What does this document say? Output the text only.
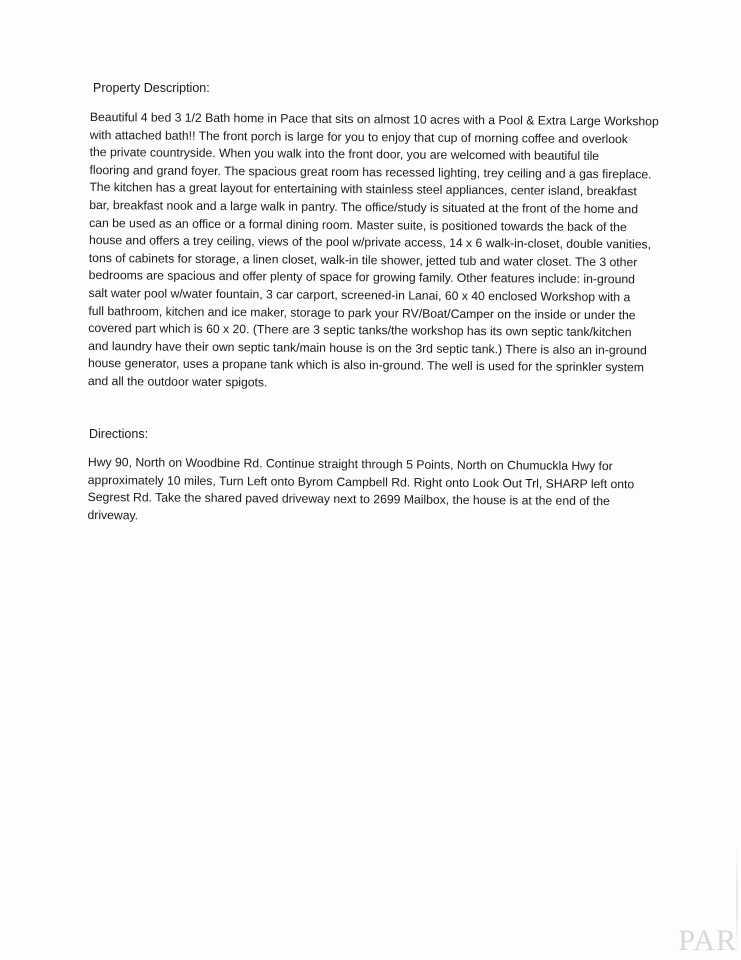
Property Description:
Beautiful 4 bed 3 1/2 Bath home in Pace that sits on almost 10 acres with a Pool & Extra Large Workshop
with attached bath!! The front porch is large for you to enjoy that cup of morning coffee and overlook
the private countryside. When you walk into the front door, you are welcomed with beautiful tile
flooring and grand foyer. The spacious great room has recessed lighting, trey ceiling and a gas fireplace.
The kitchen has a great layout for entertaining with stainless steel appliances, center island, breakfast
bar, breakfast nook and a large walk in pantry. The office/study is situated at the front of the home and
can be used as an office or a formal dining room. Master suite, is positioned towards the back of the
house and offers a trey ceiling, views of the pool w/private access, 14 x 6 walk-in-closet, double vanities,
tons of cabinets for storage, a linen closet, walk-in tile shower, jetted tub and water closet. The 3 other
bedrooms are spacious and offer plenty of space for growing family. Other features include: in-ground
salt water pool w/water fountain, 3 car carport, screened-in Lanai, 60 x 40 enclosed Workshop with a
full bathroom, kitchen and ice maker, storage to park your RV/Boat/Camper on the inside or under the
covered part which is 60 x 20. (There are 3 septic tanks/the workshop has its own septic tank/kitchen
and laundry have their own septic tank/main house is on the 3rd septic tank.) There is also an in-ground
house generator, uses a propane tank which is also in-ground. The well is used for the sprinkler system
and all the outdoor water spigots.
Directions:
Hwy 90, North on Woodbine Rd. Continue straight through 5 Points, North on Chumuckla Hwy for
approximately 10 miles, Turn Left onto Byrom Campbell Rd. Right onto Look Out Trl, SHARP left onto
Segrest Rd. Take the shared paved driveway next to 2699 Mailbox, the house is at the end of the
driveway.
PAR
